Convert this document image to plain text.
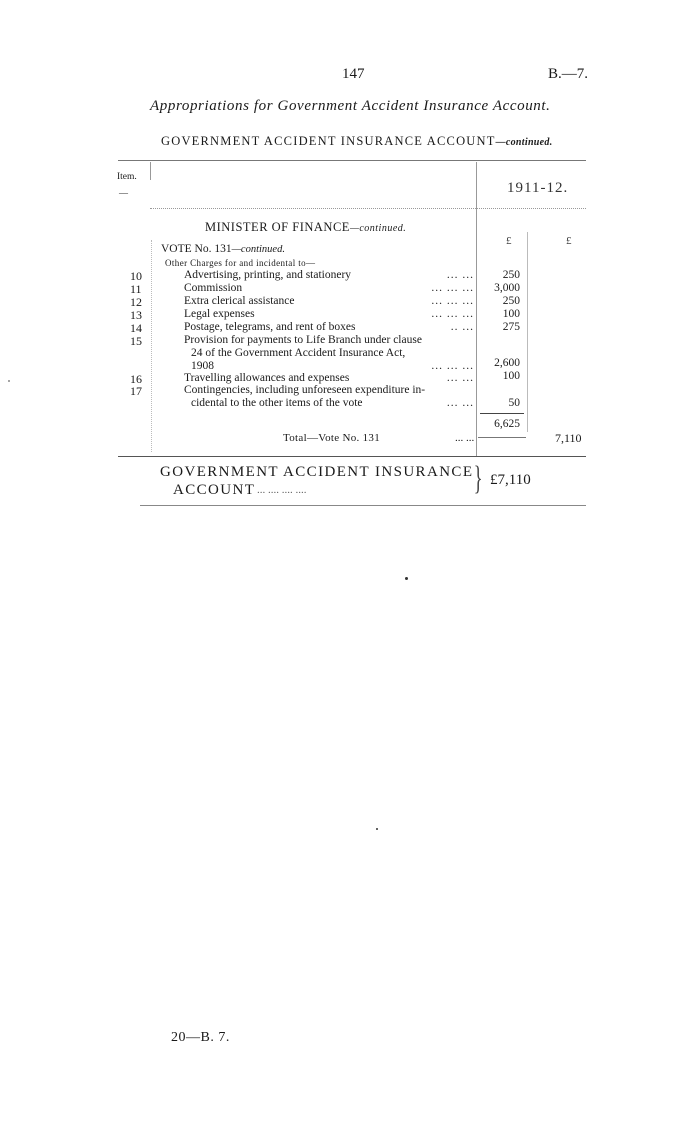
147	B.—7.
Appropriations for Government Accident Insurance Account.
GOVERNMENT ACCIDENT INSURANCE ACCOUNT—continued.
Item.
—	1911-12.
MINISTER OF FINANCE—continued.
£	£
VOTE No. 131—continued.
Other Charges for and incidental to—
10	Advertising, printing, and stationery	... ...	250
11	Commission	... ... ...	3,000
12	Extra clerical assistance	... ... ...	250
13	Legal expenses	... ... ...	100
14	Postage, telegrams, and rent of boxes	.. ...	275
15	Provision for payments to Life Branch under clause
24 of the Government Accident Insurance Act,
1908	... ... ...	2,600
16	Travelling allowances and expenses	... ...	100
17	Contingencies, including unforeseen expenditure in-
cidental to the other items of the vote	... ...	50
6,625
Total—Vote No. 131	... ...	7,110
GOVERNMENT ACCIDENT INSURANCE
ACCOUNT ... .... .... ....	} £7,110
20—B. 7.
